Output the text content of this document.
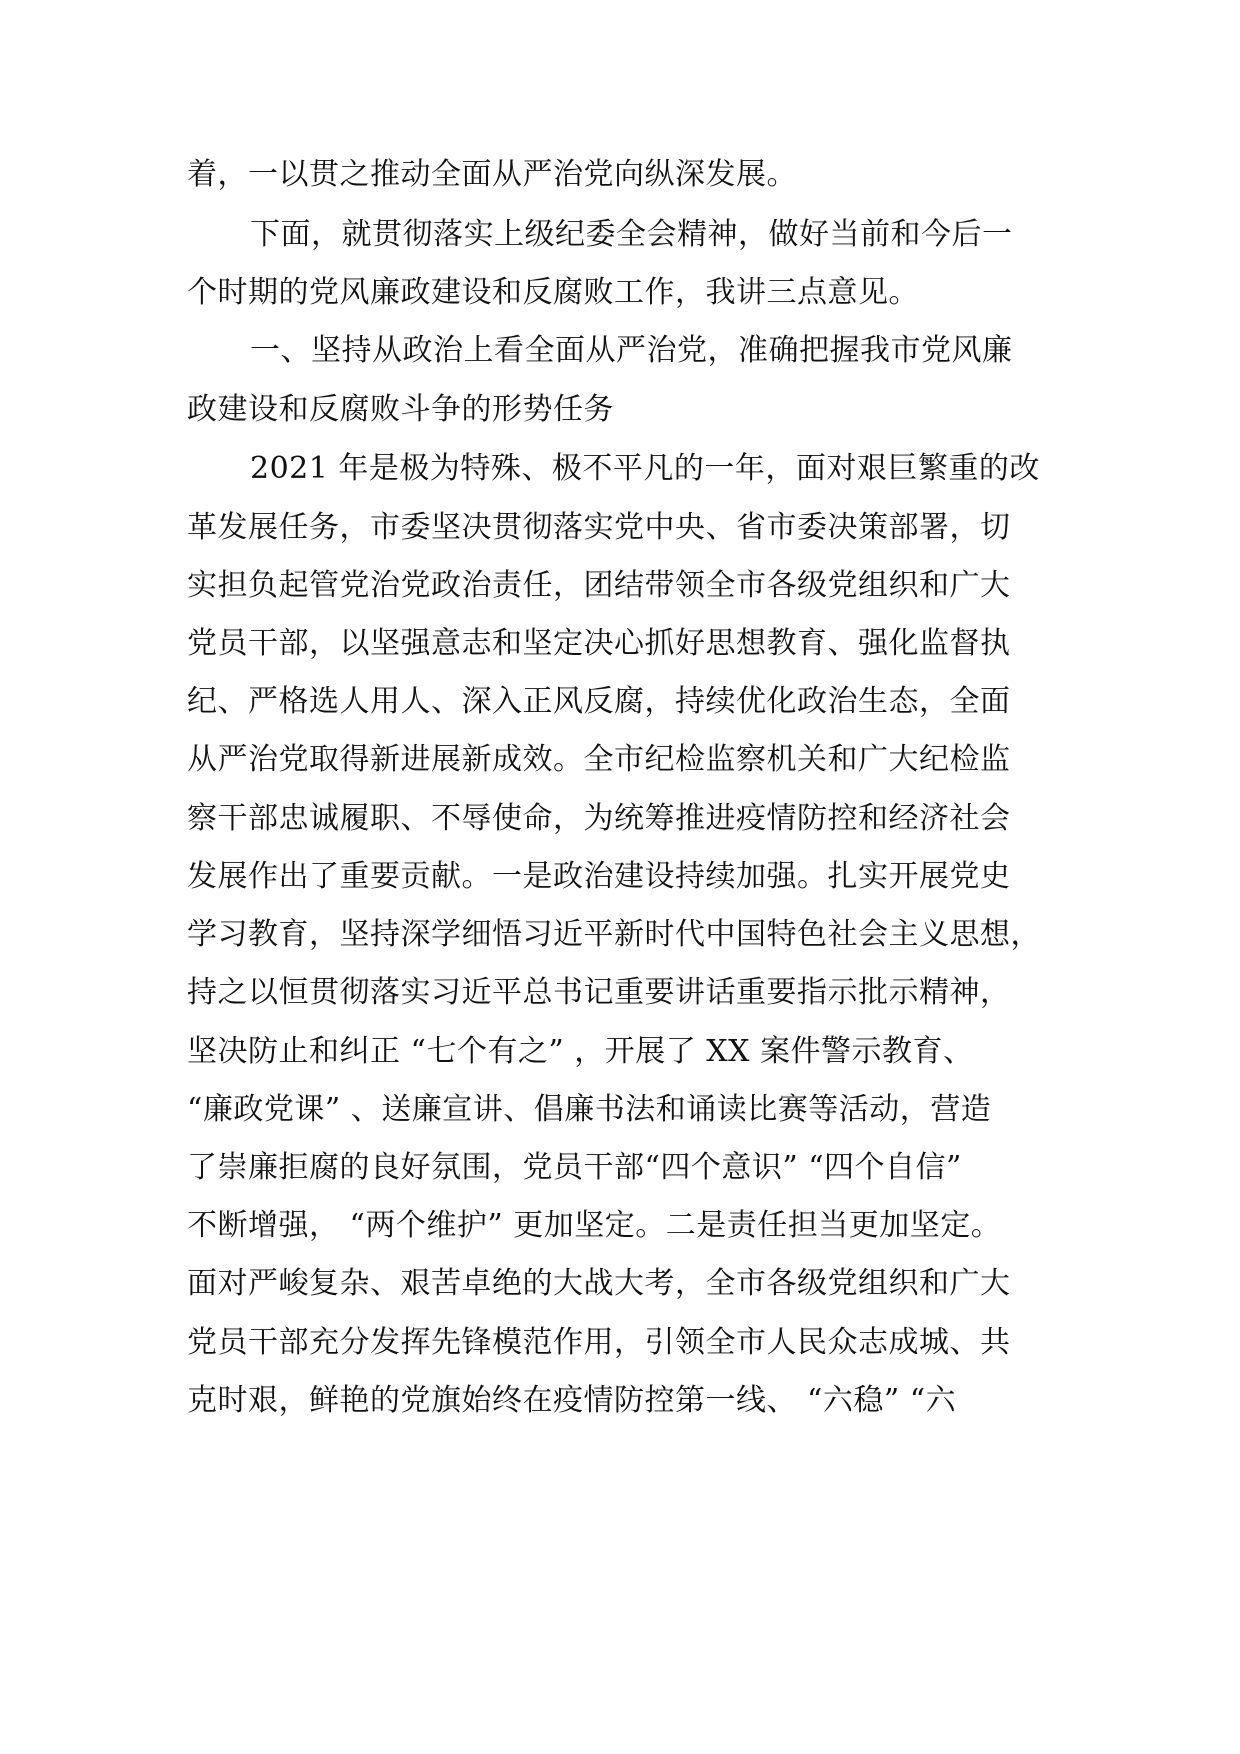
着，一以贯之推动全面从严治党向纵深发展。
下面，就贯彻落实上级纪委全会精神，做好当前和今后一
个时期的党风廉政建设和反腐败工作，我讲三点意见。
一、坚持从政治上看全面从严治党，准确把握我市党风廉
政建设和反腐败斗争的形势任务
2021 年是极为特殊、极不平凡的一年，面对艰巨繁重的改
革发展任务，市委坚决贯彻落实党中央、省市委决策部署，切
实担负起管党治党政治责任，团结带领全市各级党组织和广大
党员干部，以坚强意志和坚定决心抓好思想教育、强化监督执
纪、严格选人用人、深入正风反腐，持续优化政治生态，全面
从严治党取得新进展新成效。全市纪检监察机关和广大纪检监
察干部忠诚履职、不辱使命，为统筹推进疫情防控和经济社会
发展作出了重要贡献。一是政治建设持续加强。扎实开展党史
学习教育，坚持深学细悟习近平新时代中国特色社会主义思想，
持之以恒贯彻落实习近平总书记重要讲话重要指示批示精神，
坚决防止和纠正 “七个有之” ，开展了 XX 案件警示教育、
“廉政党课” 、送廉宣讲、倡廉书法和诵读比赛等活动，营造
了崇廉拒腐的良好氛围，党员干部“四个意识” “四个自信”
不断增强， “两个维护” 更加坚定。二是责任担当更加坚定。
面对严峻复杂、艰苦卓绝的大战大考，全市各级党组织和广大
党员干部充分发挥先锋模范作用，引领全市人民众志成城、共
克时艰，鲜艳的党旗始终在疫情防控第一线、 “六稳” “六
